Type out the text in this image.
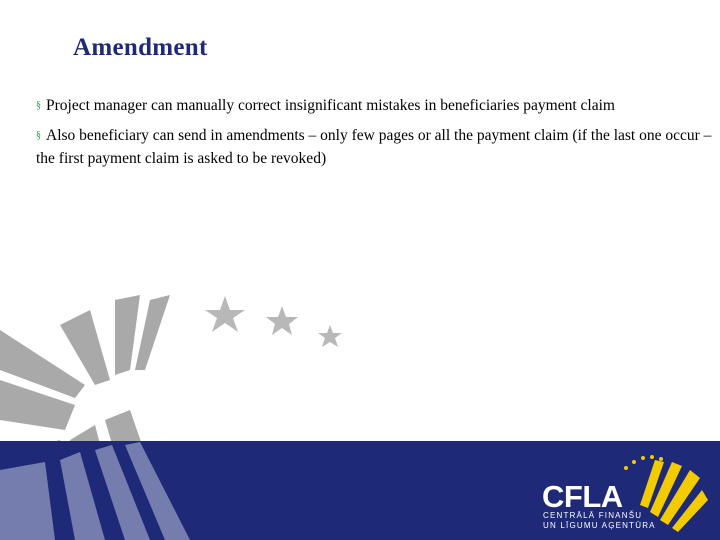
Amendment
§ Project manager can manually correct insignificant mistakes in beneficiaries payment claim
§ Also beneficiary can send in amendments – only few pages or all the payment claim (if the last one occur – the first payment claim is asked to be revoked)
CFLA
CENTRĀLĀ FINANŠU
UN LĪGUMU AĢENTŪRA
